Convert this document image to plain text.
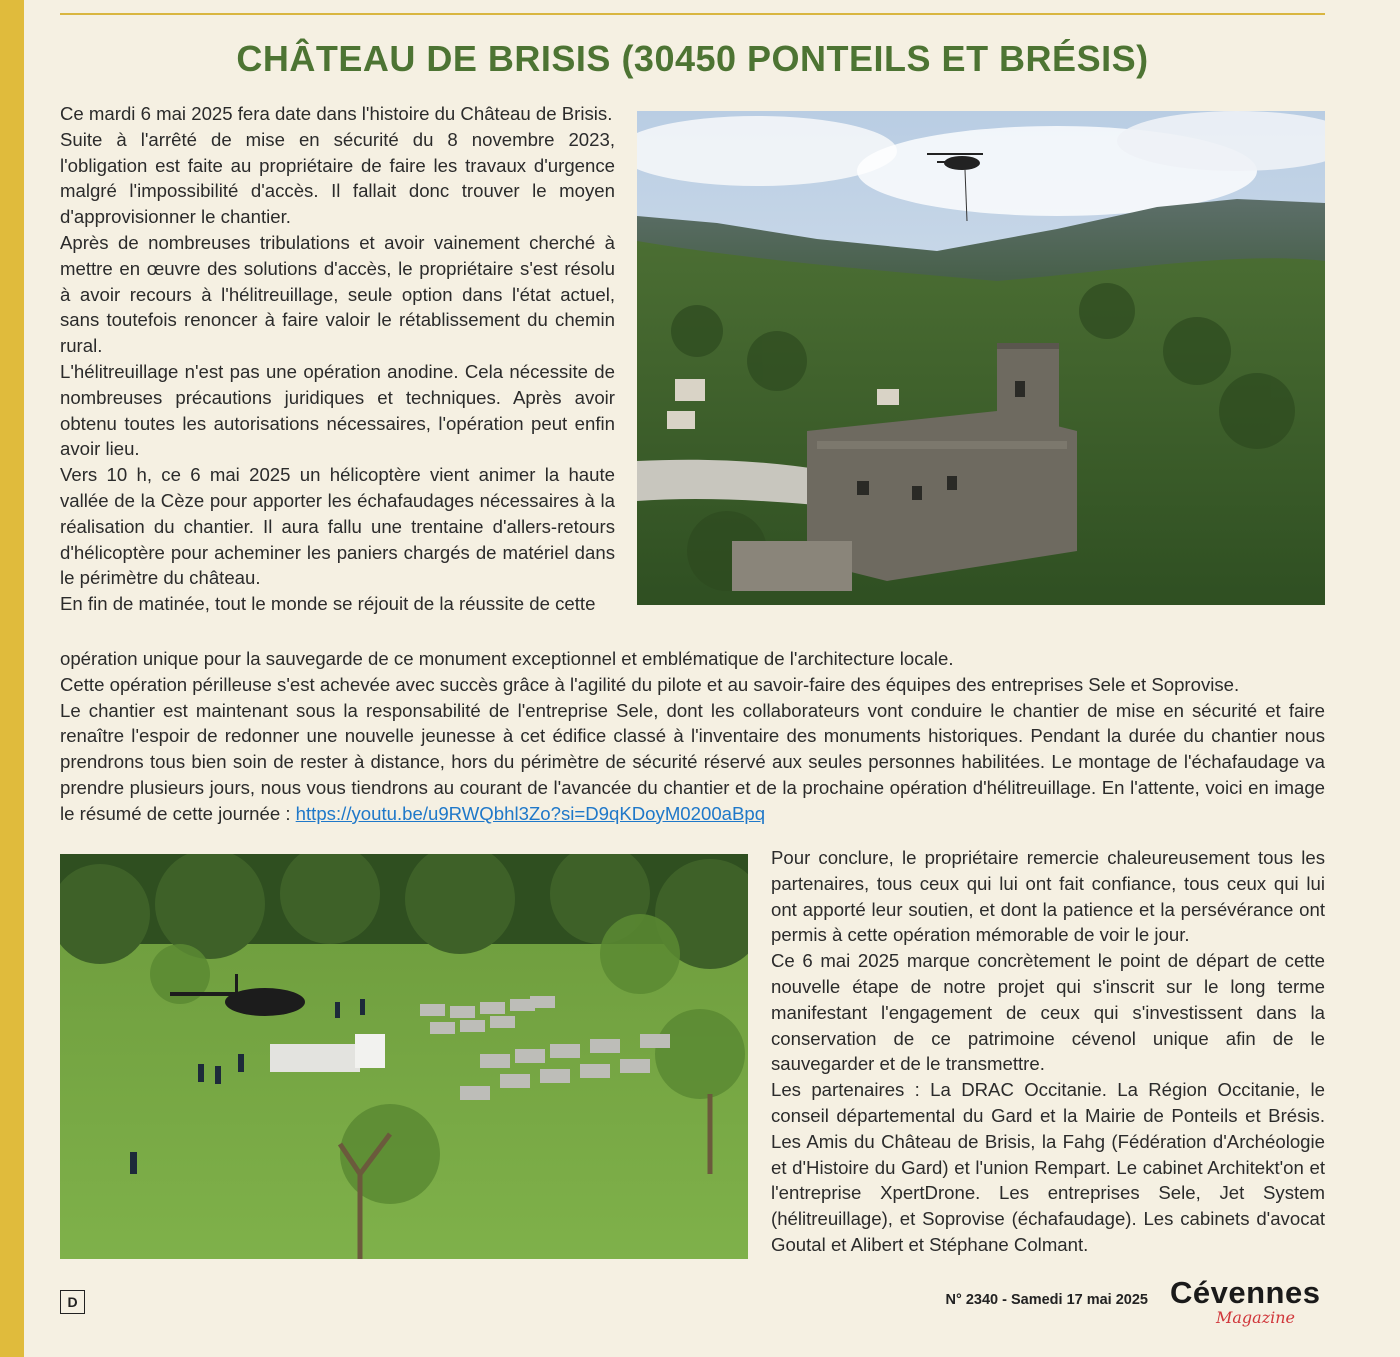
CHÂTEAU DE BRISIS (30450 PONTEILS ET BRÉSIS)

Ce mardi 6 mai 2025 fera date dans l'histoire du Château de Brisis.

Suite à l'arrêté de mise en sécurité du 8 novembre 2023, l'obligation est faite au propriétaire de faire les travaux d'urgence malgré l'impossibilité d'accès. Il fallait donc trouver le moyen d'approvisionner le chantier.

Après de nombreuses tribulations et avoir vainement cherché à mettre en œuvre des solutions d'accès, le propriétaire s'est résolu à avoir recours à l'hélitreuillage, seule option dans l'état actuel, sans toutefois renoncer à faire valoir le rétablissement du chemin rural.

L'hélitreuillage n'est pas une opération anodine. Cela nécessite de nombreuses précautions juridiques et techniques. Après avoir obtenu toutes les autorisations nécessaires, l'opération peut enfin avoir lieu.

Vers 10 h, ce 6 mai 2025 un hélicoptère vient animer la haute vallée de la Cèze pour apporter les échafaudages nécessaires à la réalisation du chantier. Il aura fallu une trentaine d'allers-retours d'hélicoptère pour acheminer les paniers chargés de matériel dans le périmètre du château.

En fin de matinée, tout le monde se réjouit de la réussite de cette

opération unique pour la sauvegarde de ce monument exceptionnel et emblématique de l'architecture locale.

Cette opération périlleuse s'est achevée avec succès grâce à l'agilité du pilote et au savoir-faire des équipes des entreprises Sele et Soprovise.

Le chantier est maintenant sous la responsabilité de l'entreprise Sele, dont les collaborateurs vont conduire le chantier de mise en sécurité et faire renaître l'espoir de redonner une nouvelle jeunesse à cet édifice classé à l'inventaire des monuments historiques. Pendant la durée du chantier nous prendrons tous bien soin de rester à distance, hors du périmètre de sécurité réservé aux seules personnes habilitées. Le montage de l'échafaudage va prendre plusieurs jours, nous vous tiendrons au courant de l'avancée du chantier et de la prochaine opération d'hélitreuillage. En l'attente, voici en image le résumé de cette journée : https://youtu.be/u9RWQbhl3Zo?si=D9qKDoyM0200aBpq

Pour conclure, le propriétaire remercie chaleureusement tous les partenaires, tous ceux qui lui ont fait confiance, tous ceux qui lui ont apporté leur soutien, et dont la patience et la persévérance ont permis à cette opération mémorable de voir le jour.

Ce 6 mai 2025 marque concrètement le point de départ de cette nouvelle étape de notre projet qui s'inscrit sur le long terme manifestant l'engagement de ceux qui s'investissent dans la conservation de ce patrimoine cévenol unique afin de le sauvegarder et de le transmettre.

Les partenaires : La DRAC Occitanie. La Région Occitanie, le conseil départemental du Gard et la Mairie de Ponteils et Brésis. Les Amis du Château de Brisis, la Fahg (Fédération d'Archéologie et d'Histoire du Gard) et l'union Rempart. Le cabinet Architekt'on et l'entreprise XpertDrone. Les entreprises Sele, Jet System (hélitreuillage), et Soprovise (échafaudage). Les cabinets d'avocat Goutal et Alibert et Stéphane Colmant.

D	N° 2340 - Samedi 17 mai 2025 Cévennes
Magazine
